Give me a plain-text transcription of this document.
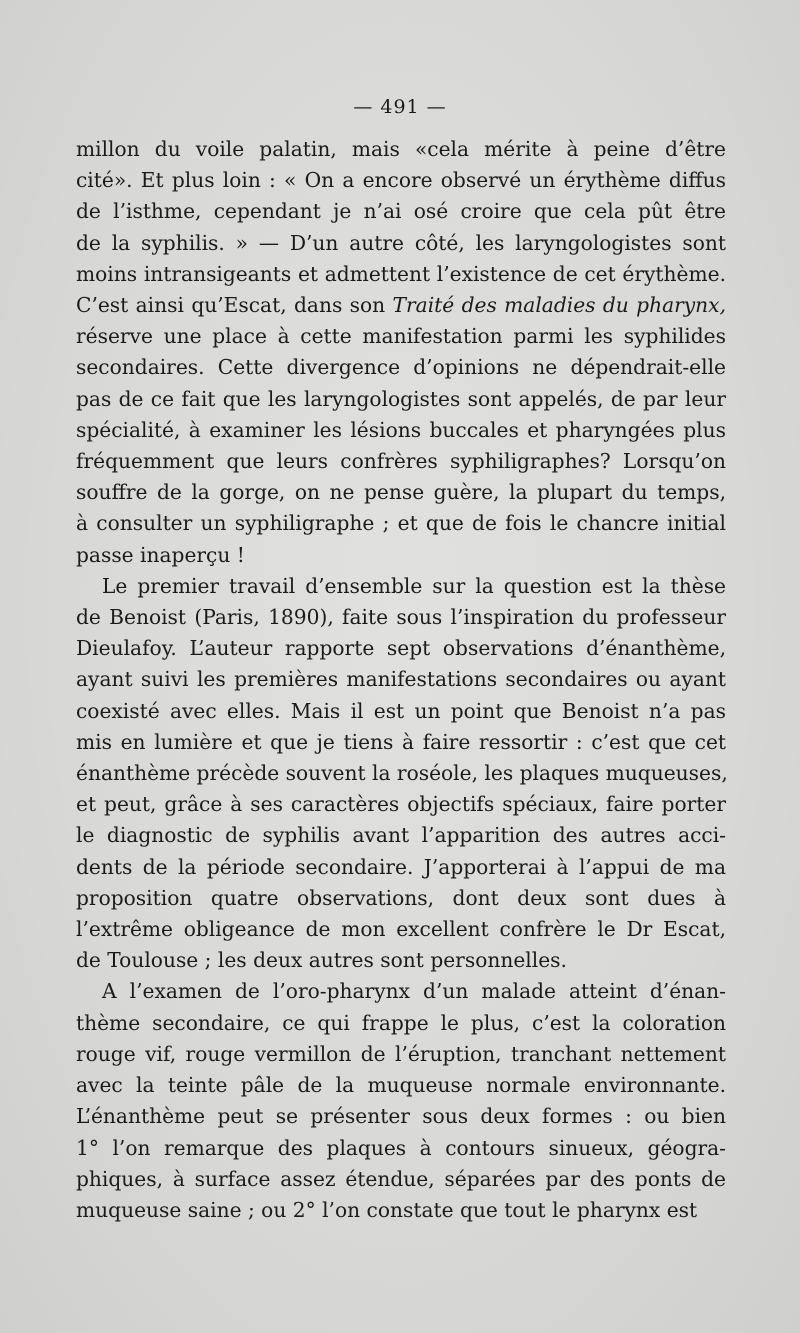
— 491 —

millon du voile palatin, mais «cela mérite à peine d’être
cité». Et plus loin : « On a encore observé un érythème diffus
de l’isthme, cependant je n’ai osé croire que cela pût être
de la syphilis. » — D’un autre côté, les laryngologistes sont
moins intransigeants et admettent l’existence de cet érythème.
C’est ainsi qu’Escat, dans son Traité des maladies du pharynx,
réserve une place à cette manifestation parmi les syphilides
secondaires. Cette divergence d’opinions ne dépendrait-elle
pas de ce fait que les laryngologistes sont appelés, de par leur
spécialité, à examiner les lésions buccales et pharyngées plus
fréquemment que leurs confrères syphiligraphes? Lorsqu’on
souffre de la gorge, on ne pense guère, la plupart du temps,
à consulter un syphiligraphe ; et que de fois le chancre initial
passe inaperçu !

Le premier travail d’ensemble sur la question est la thèse
de Benoist (Paris, 1890), faite sous l’inspiration du professeur
Dieulafoy. L’auteur rapporte sept observations d’énanthème,
ayant suivi les premières manifestations secondaires ou ayant
coexisté avec elles. Mais il est un point que Benoist n’a pas
mis en lumière et que je tiens à faire ressortir : c’est que cet
énanthème précède souvent la roséole, les plaques muqueuses,
et peut, grâce à ses caractères objectifs spéciaux, faire porter
le diagnostic de syphilis avant l’apparition des autres acci-
dents de la période secondaire. J’apporterai à l’appui de ma
proposition quatre observations, dont deux sont dues à
l’extrême obligeance de mon excellent confrère le Dr Escat,
de Toulouse ; les deux autres sont personnelles.

A l’examen de l’oro-pharynx d’un malade atteint d’énan-
thème secondaire, ce qui frappe le plus, c’est la coloration
rouge vif, rouge vermillon de l’éruption, tranchant nettement
avec la teinte pâle de la muqueuse normale environnante.
L’énanthème peut se présenter sous deux formes : ou bien
1° l’on remarque des plaques à contours sinueux, géogra-
phiques, à surface assez étendue, séparées par des ponts de
muqueuse saine ; ou 2° l’on constate que tout le pharynx est
